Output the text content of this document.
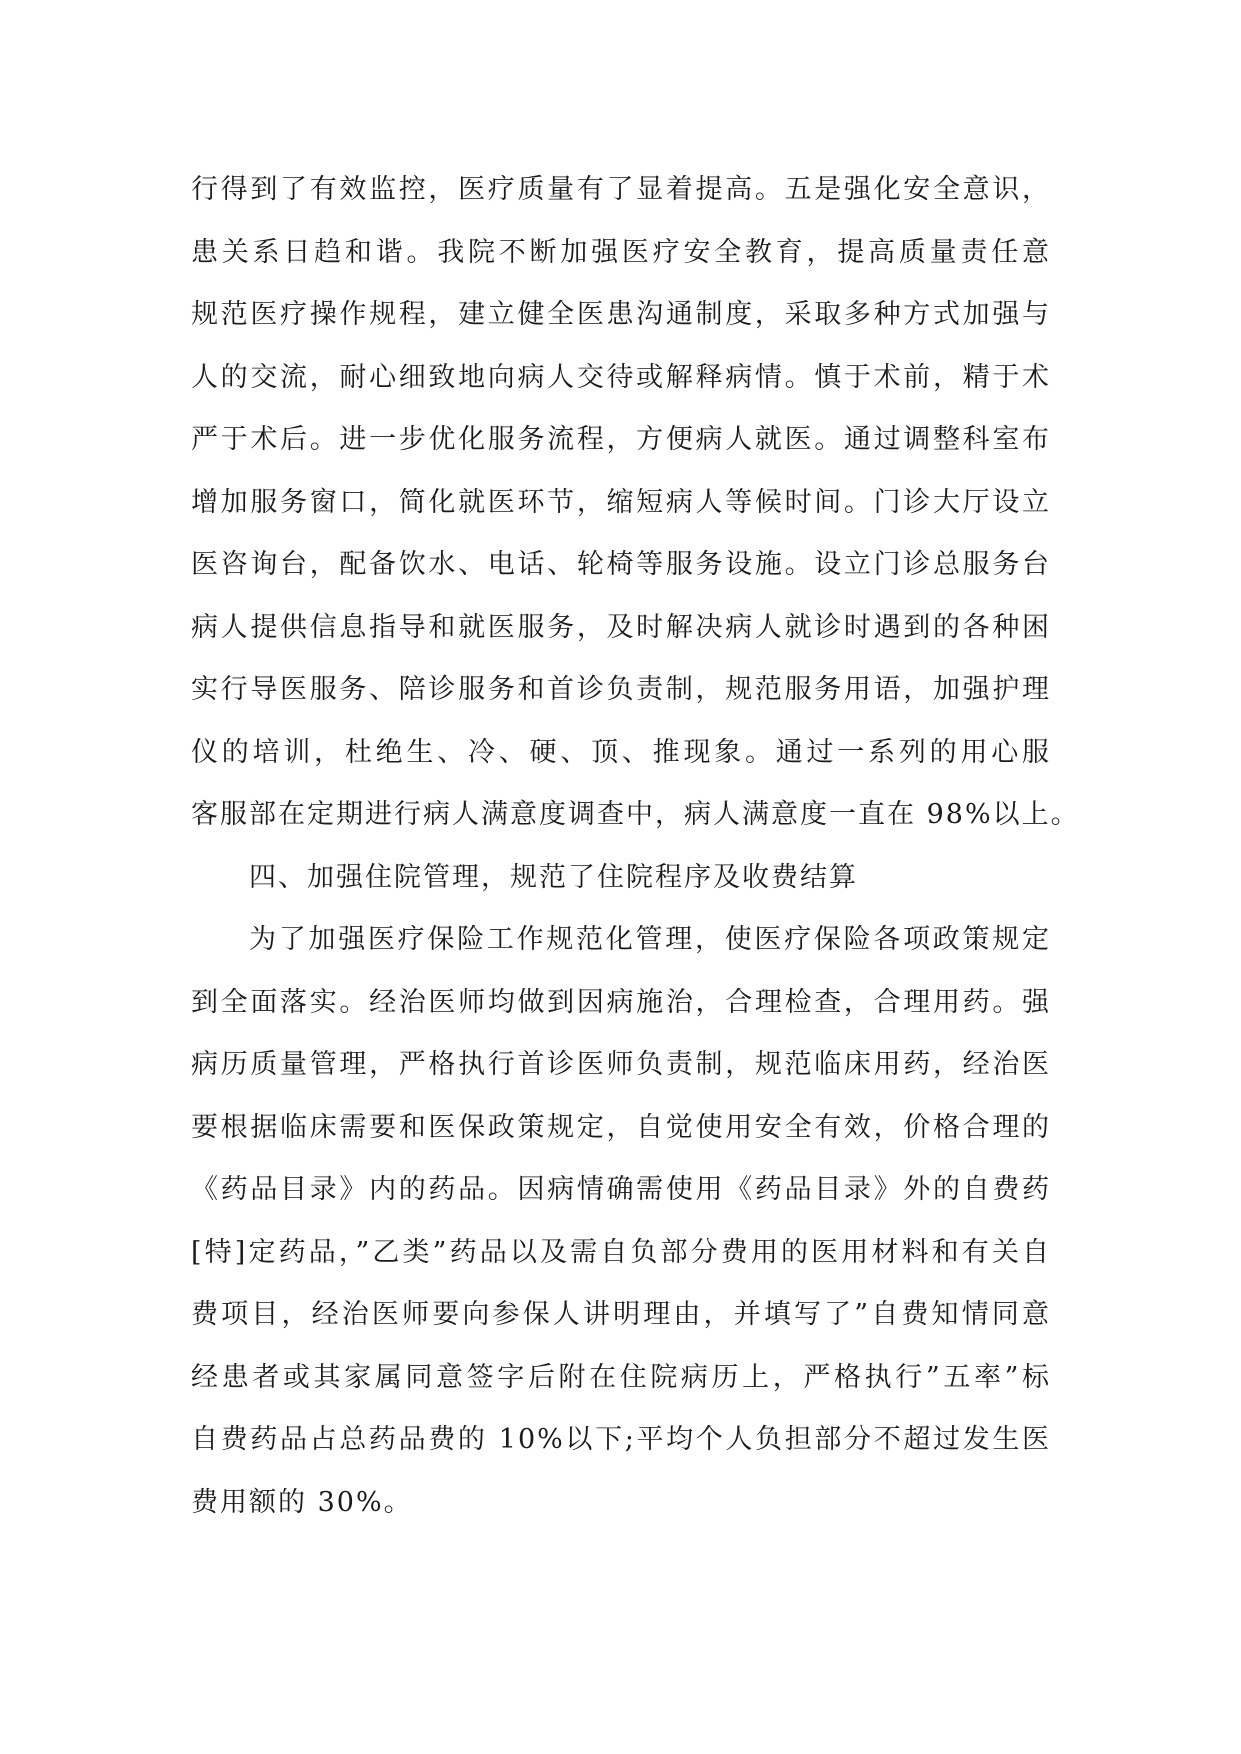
行得到了有效监控，医疗质量有了显着提高。五是强化安全意识，
患关系日趋和谐。我院不断加强医疗安全教育，提高质量责任意
规范医疗操作规程，建立健全医患沟通制度，采取多种方式加强与
人的交流，耐心细致地向病人交待或解释病情。慎于术前，精于术
严于术后。进一步优化服务流程，方便病人就医。通过调整科室布
增加服务窗口，简化就医环节，缩短病人等候时间。门诊大厅设立
医咨询台，配备饮水、电话、轮椅等服务设施。设立门诊总服务台
病人提供信息指导和就医服务，及时解决病人就诊时遇到的各种困
实行导医服务、陪诊服务和首诊负责制，规范服务用语，加强护理
仪的培训，杜绝生、冷、硬、顶、推现象。通过一系列的用心服
客服部在定期进行病人满意度调查中，病人满意度一直在 98%以上。
四、加强住院管理，规范了住院程序及收费结算
为了加强医疗保险工作规范化管理，使医疗保险各项政策规定
到全面落实。经治医师均做到因病施治，合理检查，合理用药。强
病历质量管理，严格执行首诊医师负责制，规范临床用药，经治医
要根据临床需要和医保政策规定，自觉使用安全有效，价格合理的
《药品目录》内的药品。因病情确需使用《药品目录》外的自费药
[特]定药品，”乙类”药品以及需自负部分费用的医用材料和有关自
费项目，经治医师要向参保人讲明理由，并填写了”自费知情同意
经患者或其家属同意签字后附在住院病历上，严格执行”五率”标
自费药品占总药品费的 10%以下;平均个人负担部分不超过发生医
费用额的 30%。
